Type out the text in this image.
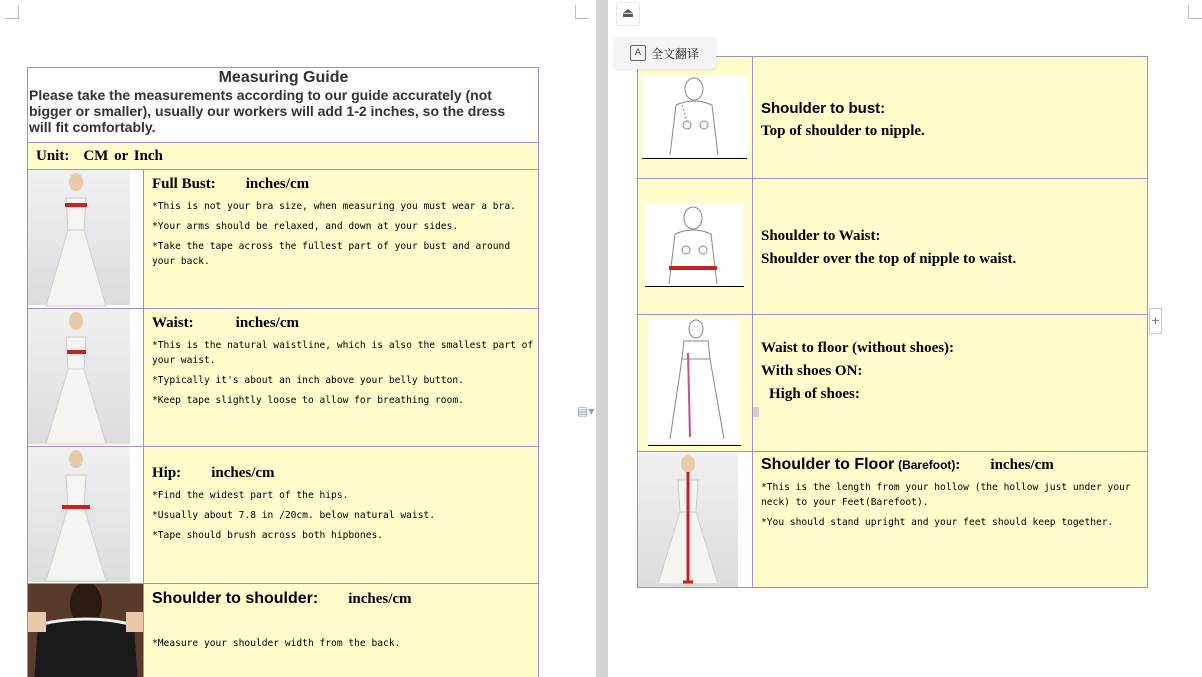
Measuring Guide

Please take the measurements according to our guide accurately (not bigger or smaller), usually our workers will add 1-2 inches, so the dress will fit comfortably.

Unit: CM or Inch
Full Bust: inches/cm
*This is not your bra size, when measuring you must wear a bra.
*Your arms should be relaxed, and down at your sides.
*Take the tape across the fullest part of your bust and around your back.
Waist:	inches/cm
*This is the natural waistline, which is also the smallest part of your waist.
*Typically it's about an inch above your belly button.
*Keep tape slightly loose to allow for breathing room.
Hip: inches/cm
*Find the widest part of the hips.
*Usually about 7.8 in /20cm. below natural waist.
*Tape should brush across both hipbones.
Shoulder to shoulder: inches/cm
*Measure your shoulder width from the back.
Shoulder to bust:
Top of shoulder to nipple.
Shoulder to Waist:
Shoulder over the top of nipple to waist.
Waist to floor (without shoes):
With shoes ON:
High of shoes:
Shoulder to Floor (Barefoot): inches/cm
*This is the length from your hollow (the hollow just under your neck) to your Feet(Barefoot).
*You should stand upright and your feet should keep together.
⏏
A 全文翻译
+
▤▾
